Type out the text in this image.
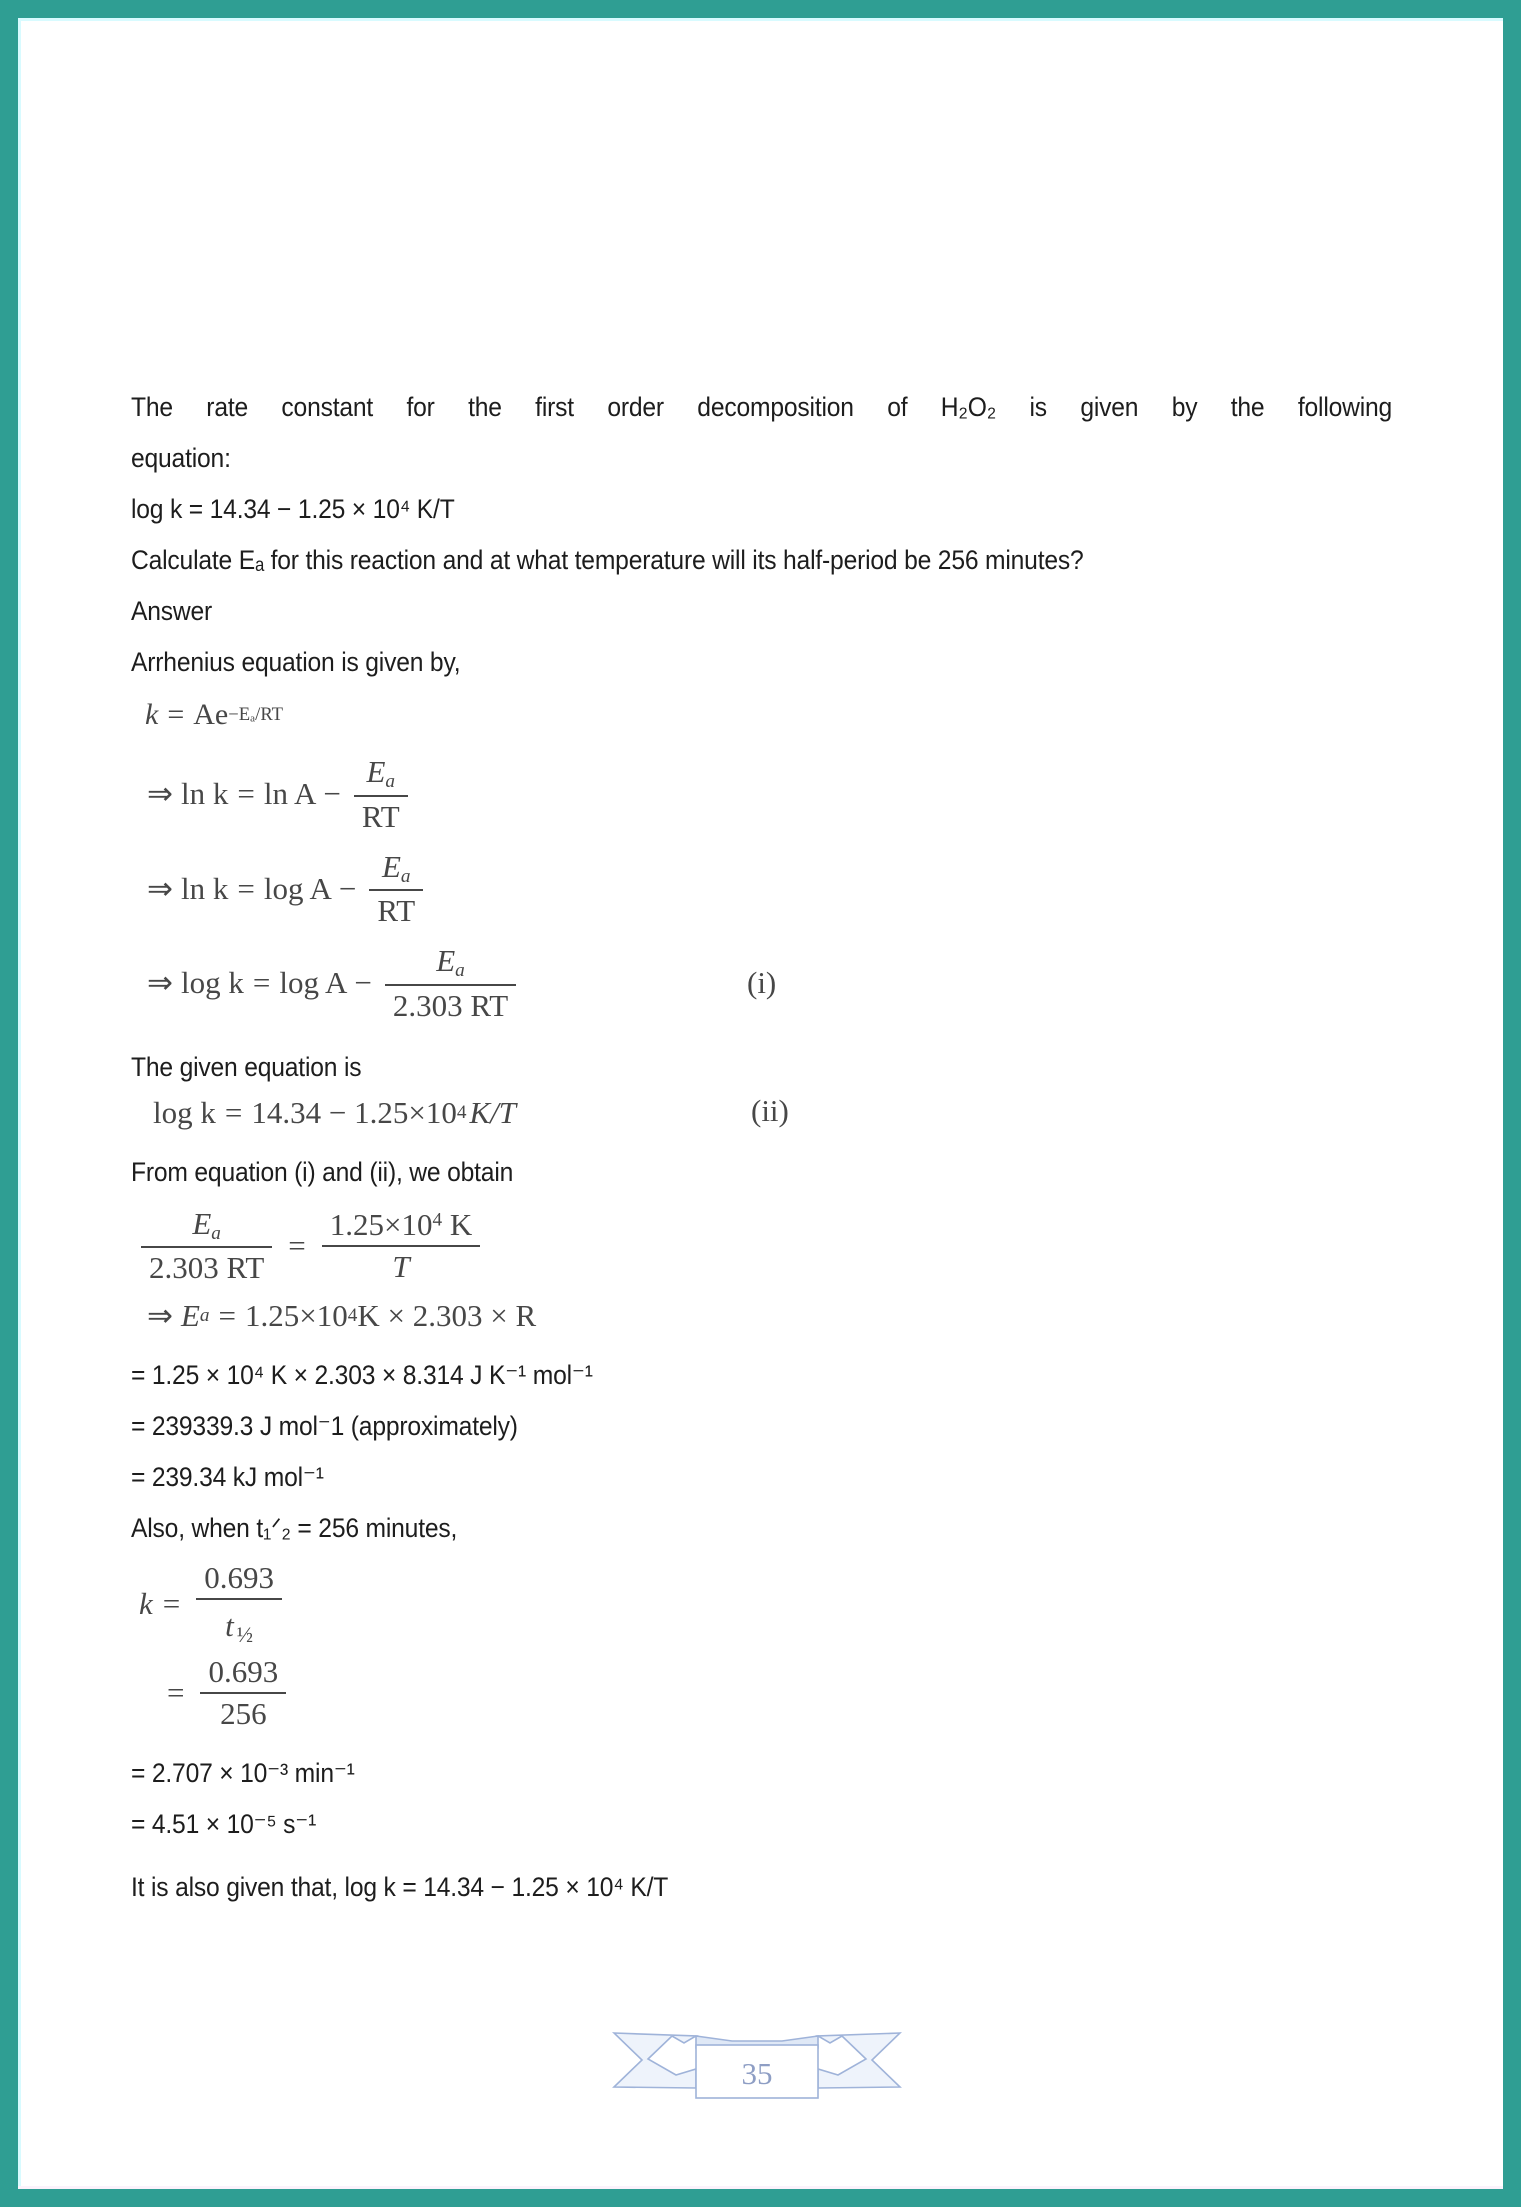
The rate constant for the first order decomposition of H₂O₂ is given by the following
equation:
log k = 14.34 − 1.25 × 10⁴ K/T
Calculate Eₐ for this reaction and at what temperature will its half-period be 256 minutes?
Answer
Arrhenius equation is given by,
k = Ae −Eₐ/RT
⇒ $\ln k = \ln A - \frac{Ea}{RT}$
⇒ $\ln k = \log A - \frac{Ea}{RT}$
⇒ $\log k = \log A - \frac{Ea}{2.303 RT}$	(i)
The given equation is
log k = 14.34 − 1.25×10 4 K/T	(ii)
From equation (i) and (ii), we obtain
$\frac{Ea}{2.303 RT} = \frac{1.25\times 10^4 K}{T}$
⇒ E a = 1.25×10 4 K × 2.303 × R
= 1.25 × 10⁴ K × 2.303 × 8.314 J K⁻¹ mol⁻¹
= 239339.3 J mol⁻1 (approximately)
= 239.34 kJ mol⁻¹
Also, when t₁ᐟ₂ = 256 minutes,
$k = \frac{0.693}{t _{\frac{1}{2}}}$
= $\frac{0.693}{256}$
= 2.707 × 10⁻³ min⁻¹
= 4.51 × 10⁻⁵ s⁻¹
It is also given that, log k = 14.34 − 1.25 × 10⁴ K/T
35
